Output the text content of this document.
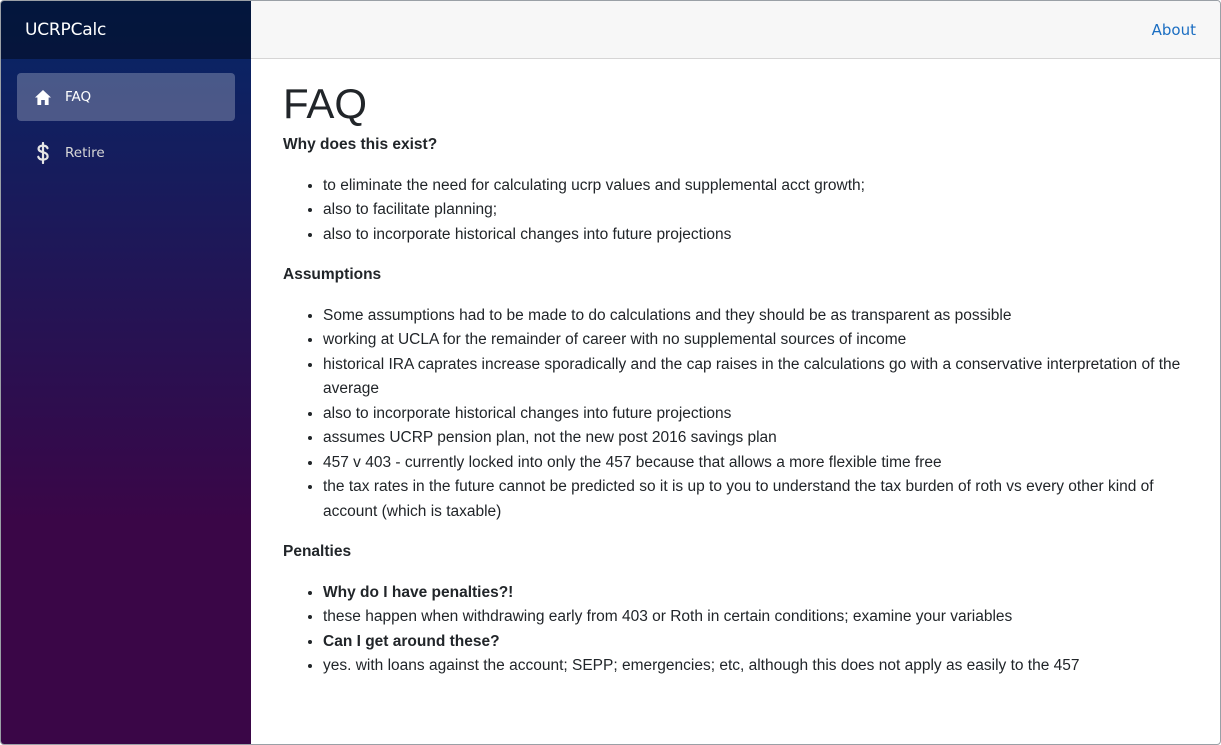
UCRPCalc
FAQ
Retire
About
FAQ
Why does this exist?
• to eliminate the need for calculating ucrp values and supplemental acct growth;
• also to facilitate planning;
• also to incorporate historical changes into future projections
Assumptions
• Some assumptions had to be made to do calculations and they should be as transparent as possible
• working at UCLA for the remainder of career with no supplemental sources of income
• historical IRA caprates increase sporadically and the cap raises in the calculations go with a conservative interpretation of the average
• also to incorporate historical changes into future projections
• assumes UCRP pension plan, not the new post 2016 savings plan
• 457 v 403 - currently locked into only the 457 because that allows a more flexible time free
• the tax rates in the future cannot be predicted so it is up to you to understand the tax burden of roth vs every other kind of account (which is taxable)
Penalties
• Why do I have penalties?!
• these happen when withdrawing early from 403 or Roth in certain conditions; examine your variables
• Can I get around these?
• yes. with loans against the account; SEPP; emergencies; etc, although this does not apply as easily to the 457
